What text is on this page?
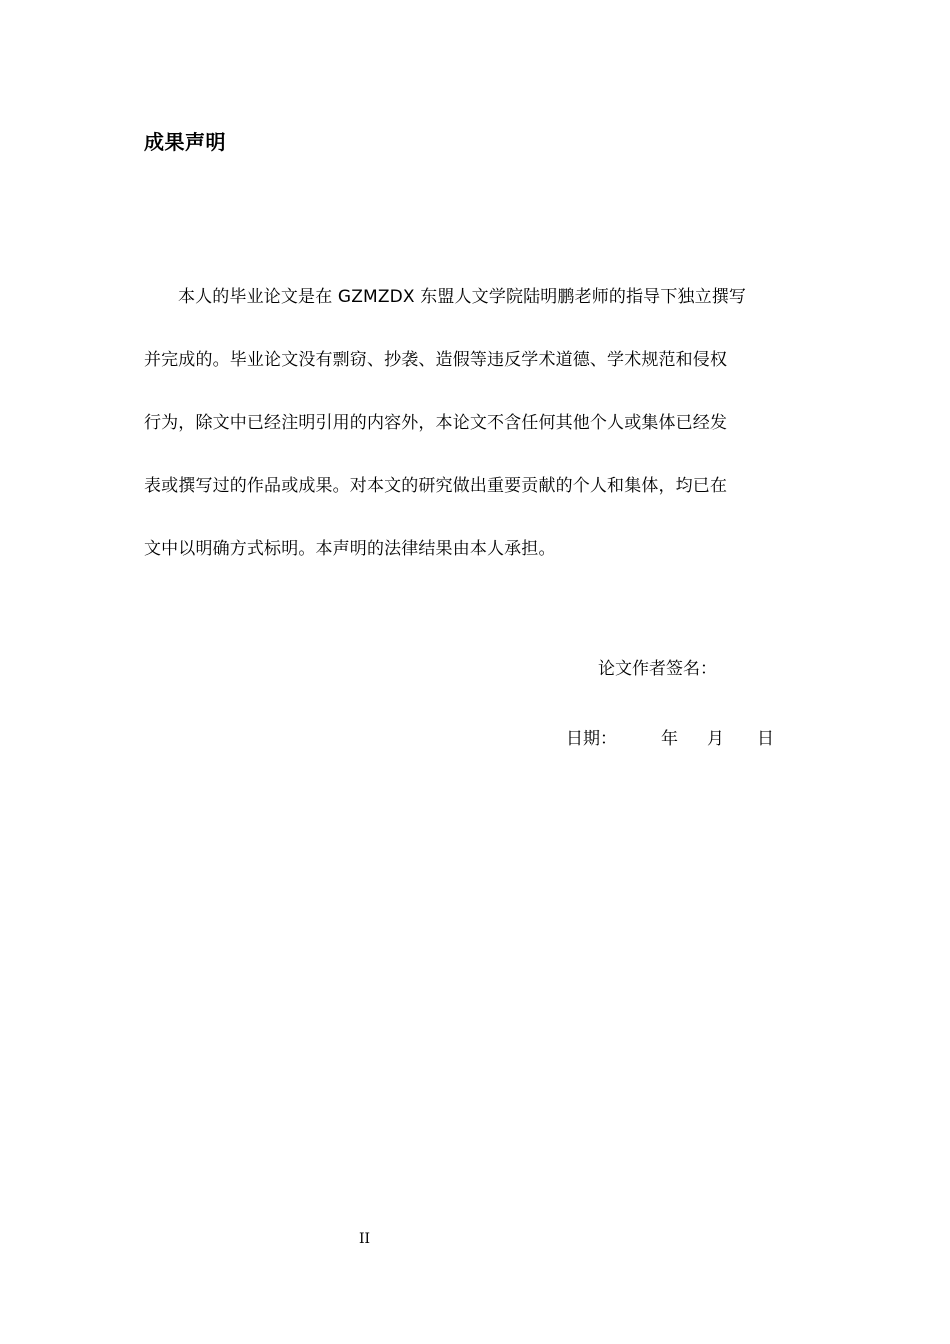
成果声明
本人的毕业论文是在 GZMZDX 东盟人文学院陆明鹏老师的指导下独立撰写
并完成的。毕业论文没有剽窃、抄袭、造假等违反学术道德、学术规范和侵权
行为，除文中已经注明引用的内容外，本论文不含任何其他个人或集体已经发
表或撰写过的作品或成果。对本文的研究做出重要贡献的个人和集体，均已在
文中以明确方式标明。本声明的法律结果由本人承担。
论文作者签名：
日期：	年 月 日
II
